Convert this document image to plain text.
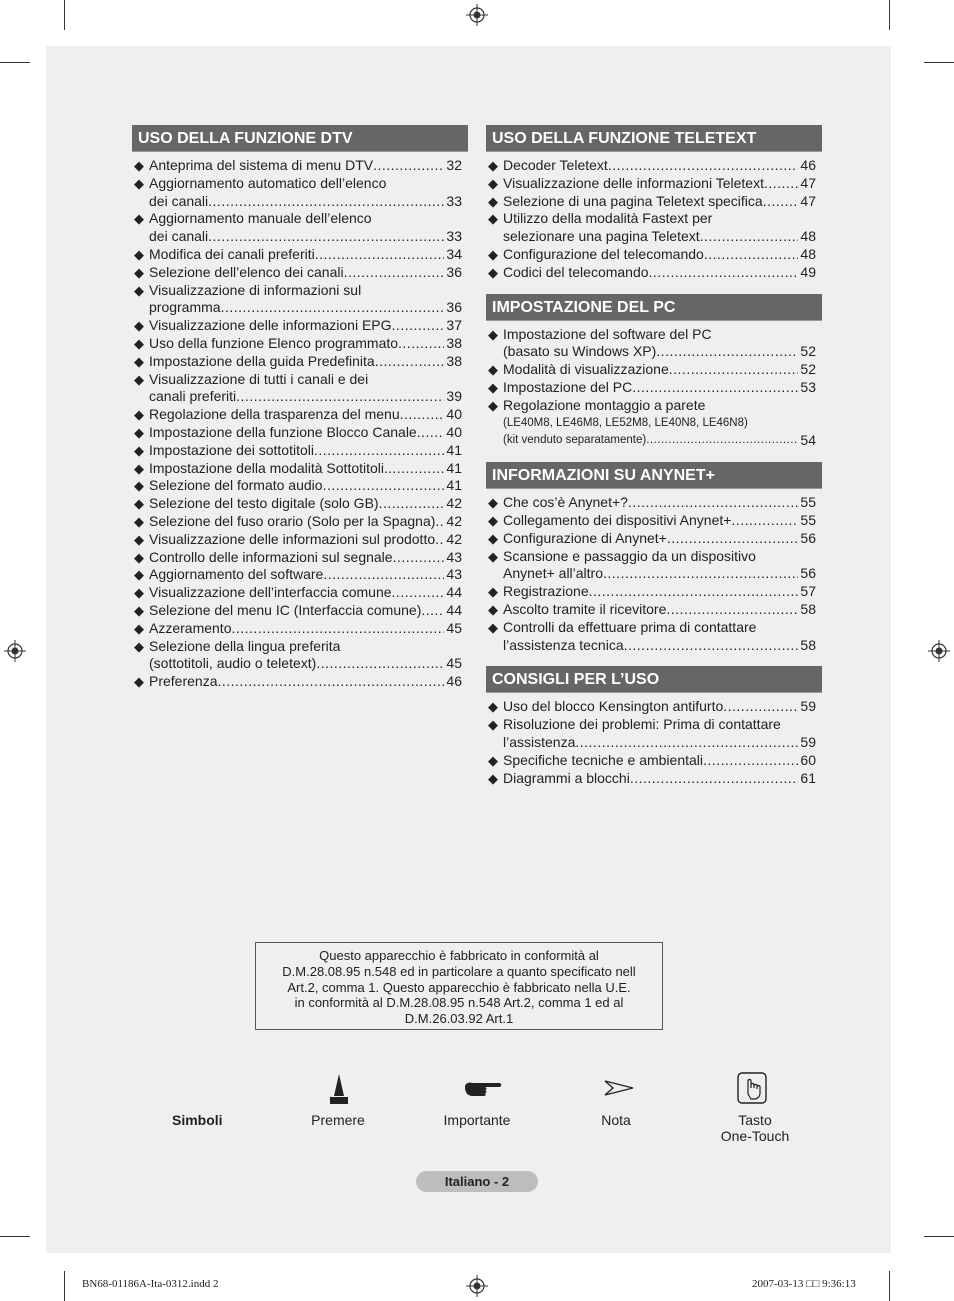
USO DELLA FUNZIONE DTV
◆ Anteprima del sistema di menu DTV .....	32
◆ Aggiornamento automatico dell’elenco
dei canali .....	33
◆ Aggiornamento manuale dell’elenco
dei canali .....	33
◆ Modifica dei canali preferiti .....	34
◆ Selezione dell’elenco dei canali .....	36
◆ Visualizzazione di informazioni sul
programma .....	36
◆ Visualizzazione delle informazioni EPG .....	37
◆ Uso della funzione Elenco programmato .....	38
◆ Impostazione della guida Predefinita .....	38
◆ Visualizzazione di tutti i canali e dei
canali preferiti .....	39
◆ Regolazione della trasparenza del menu .....	40
◆ Impostazione della funzione Blocco Canale ..... 40
◆ Impostazione dei sottotitoli .....	41
◆ Impostazione della modalità Sottotitoli. .....	41
◆ Selezione del formato audio .....	41
◆ Selezione del testo digitale (solo GB) .....	42
◆ Selezione del fuso orario (Solo per la Spagna) ..... 42
◆ Visualizzazione delle informazioni sul prodotto ..... 42
◆ Controllo delle informazioni sul segnale .....	43
◆ Aggiornamento del software .....	43
◆ Visualizzazione dell’interfaccia comune .....	44
◆ Selezione del menu IC (Interfaccia comune) ..... 44
◆ Azzeramento .....	45
◆ Selezione della lingua preferita
(sottotitoli, audio o teletext) .....	45
◆ Preferenza .....	46
USO DELLA FUNZIONE TELETEXT
◆ Decoder Teletext .....	46
◆ Visualizzazione delle informazioni Teletext .....	47
◆ Selezione di una pagina Teletext specifica .....	47
◆ Utilizzo della modalità Fastext per
selezionare una pagina Teletext .....	48
◆ Configurazione del telecomando .....	48
◆ Codici del telecomando .....	49
IMPOSTAZIONE DEL PC
◆ Impostazione del software del PC
(basato su Windows XP) .....	52
◆ Modalità di visualizzazione .....	52
◆ Impostazione del PC .....	53
◆ Regolazione montaggio a parete
(LE40M8, LE46M8, LE52M8, LE40N8, LE46N8)
(kit venduto separatamente) .....	54
INFORMAZIONI SU ANYNET+
◆ Che cos’è Anynet+? .....	55
◆ Collegamento dei dispositivi Anynet+ .....	55
◆ Configurazione di Anynet+ .....	56
◆ Scansione e passaggio da un dispositivo
Anynet+ all’altro .....	56
◆ Registrazione .....	57
◆ Ascolto tramite il ricevitore .....	58
◆ Controlli da effettuare prima di contattare
l’assistenza tecnica .....	58
CONSIGLI PER L’USO
◆ Uso del blocco Kensington antifurto .....	59
◆ Risoluzione dei problemi: Prima di contattare
l’assistenza .....	59
◆ Specifiche tecniche e ambientali .....	60
◆ Diagrammi a blocchi .....	61
Questo apparecchio è fabbricato in conformità al
D.M.28.08.95 n.548 ed in particolare a quanto specificato nell
Art.2, comma 1. Questo apparecchio è fabbricato nella U.E.
in conformità al D.M.28.08.95 n.548 Art.2, comma 1 ed al
D.M.26.03.92 Art.1
Simboli	Premere	Importante	Nota	Tasto
One-Touch
Italiano - 2
BN68-01186A-Ita-0312.indd 2	2007-03-13 □□ 9:36:13
